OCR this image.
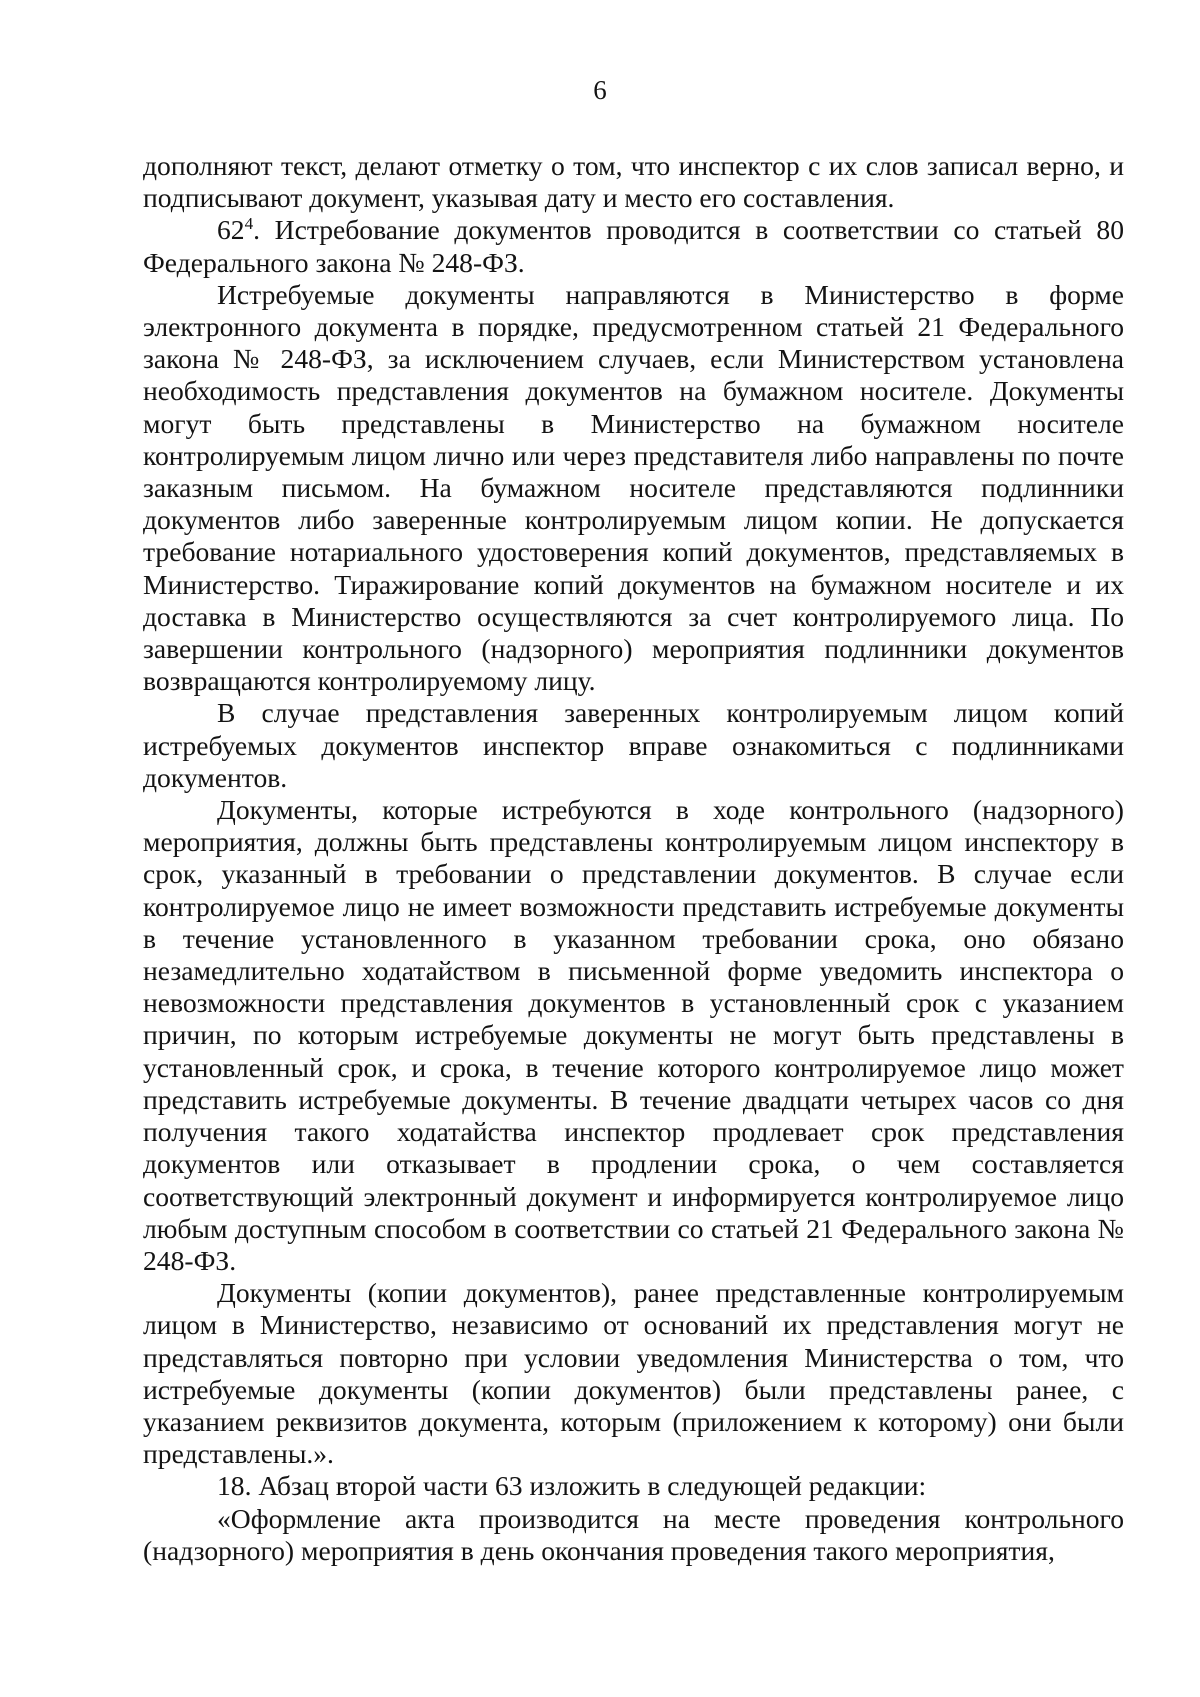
6

дополняют текст, делают отметку о том, что инспектор с их слов записал верно, и подписывают документ, указывая дату и место его составления.

$62^4$. Истребование документов проводится в соответствии со статьей 80 Федерального закона № 248-ФЗ.

Истребуемые документы направляются в Министерство в форме электронного документа в порядке, предусмотренном статьей 21 Федерального закона № 248-ФЗ, за исключением случаев, если Министерством установлена необходимость представления документов на бумажном носителе. Документы могут быть представлены в Министерство на бумажном носителе контролируемым лицом лично или через представителя либо направлены по почте заказным письмом. На бумажном носителе представляются подлинники документов либо заверенные контролируемым лицом копии. Не допускается требование нотариального удостоверения копий документов, представляемых в Министерство. Тиражирование копий документов на бумажном носителе и их доставка в Министерство осуществляются за счет контролируемого лица. По завершении контрольного (надзорного) мероприятия подлинники документов возвращаются контролируемому лицу.

В случае представления заверенных контролируемым лицом копий истребуемых документов инспектор вправе ознакомиться с подлинниками документов.

Документы, которые истребуются в ходе контрольного (надзорного) мероприятия, должны быть представлены контролируемым лицом инспектору в срок, указанный в требовании о представлении документов. В случае если контролируемое лицо не имеет возможности представить истребуемые документы в течение установленного в указанном требовании срока, оно обязано незамедлительно ходатайством в письменной форме уведомить инспектора о невозможности представления документов в установленный срок с указанием причин, по которым истребуемые документы не могут быть представлены в установленный срок, и срока, в течение которого контролируемое лицо может представить истребуемые документы. В течение двадцати четырех часов со дня получения такого ходатайства инспектор продлевает срок представления документов или отказывает в продлении срока, о чем составляется соответствующий электронный документ и информируется контролируемое лицо любым доступным способом в соответствии со статьей 21 Федерального закона № 248-ФЗ.

Документы (копии документов), ранее представленные контролируемым лицом в Министерство, независимо от оснований их представления могут не представляться повторно при условии уведомления Министерства о том, что истребуемые документы (копии документов) были представлены ранее, с указанием реквизитов документа, которым (приложением к которому) они были представлены.».

18. Абзац второй части 63 изложить в следующей редакции:

«Оформление акта производится на месте проведения контрольного (надзорного) мероприятия в день окончания проведения такого мероприятия,
